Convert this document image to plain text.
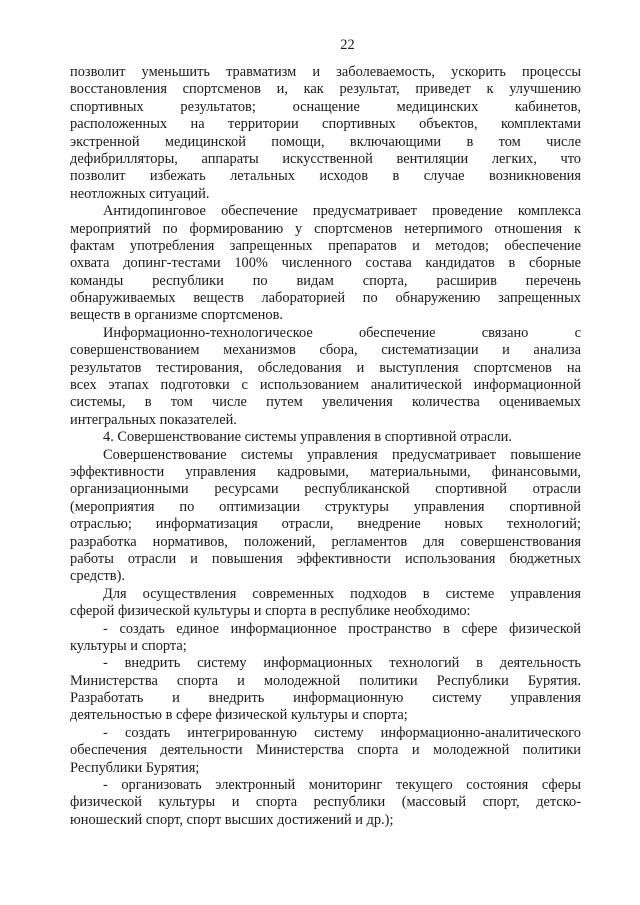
22
позволит уменьшить травматизм и заболеваемость, ускорить процессы
восстановления спортсменов и, как результат, приведет к улучшению
спортивных результатов; оснащение медицинских кабинетов,
расположенных на территории спортивных объектов, комплектами
экстренной медицинской помощи, включающими в том числе
дефибрилляторы, аппараты искусственной вентиляции легких, что
позволит избежать летальных исходов в случае возникновения
неотложных ситуаций.
Антидопинговое обеспечение предусматривает проведение комплекса
мероприятий по формированию у спортсменов нетерпимого отношения к
фактам употребления запрещенных препаратов и методов; обеспечение
охвата допинг-тестами 100% численного состава кандидатов в сборные
команды республики по видам спорта, расширив перечень
обнаруживаемых веществ лабораторией по обнаружению запрещенных
веществ в организме спортсменов.
Информационно-технологическое обеспечение связано с
совершенствованием механизмов сбора, систематизации и анализа
результатов тестирования, обследования и выступления спортсменов на
всех этапах подготовки с использованием аналитической информационной
системы, в том числе путем увеличения количества оцениваемых
интегральных показателей.
4. Совершенствование системы управления в спортивной отрасли.
Совершенствование системы управления предусматривает повышение
эффективности управления кадровыми, материальными, финансовыми,
организационными ресурсами республиканской спортивной отрасли
(мероприятия по оптимизации структуры управления спортивной
отраслью; информатизация отрасли, внедрение новых технологий;
разработка нормативов, положений, регламентов для совершенствования
работы отрасли и повышения эффективности использования бюджетных
средств).
Для осуществления современных подходов в системе управления
сферой физической культуры и спорта в республике необходимо:
- создать единое информационное пространство в сфере физической
культуры и спорта;
- внедрить систему информационных технологий в деятельность
Министерства спорта и молодежной политики Республики Бурятия.
Разработать и внедрить информационную систему управления
деятельностью в сфере физической культуры и спорта;
- создать интегрированную систему информационно-аналитического
обеспечения деятельности Министерства спорта и молодежной политики
Республики Бурятия;
- организовать электронный мониторинг текущего состояния сферы
физической культуры и спорта республики (массовый спорт, детско-
юношеский спорт, спорт высших достижений и др.);
